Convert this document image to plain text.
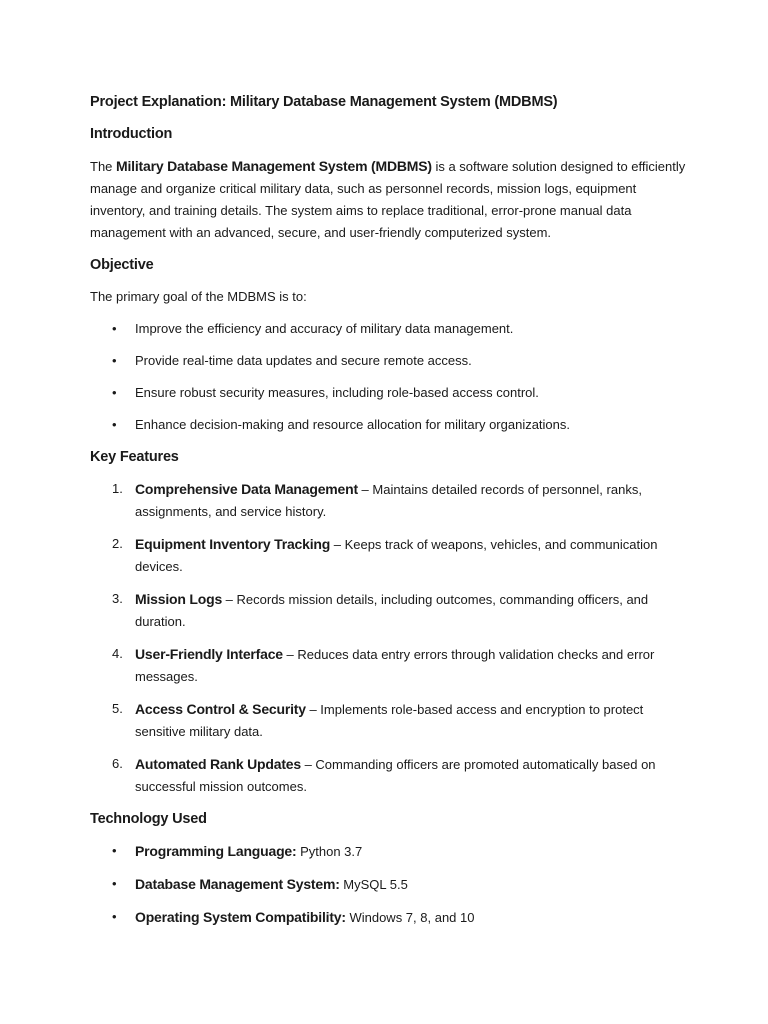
Project Explanation: Military Database Management System (MDBMS)

Introduction

The Military Database Management System (MDBMS) is a software solution designed to efficiently manage and organize critical military data, such as personnel records, mission logs, equipment inventory, and training details. The system aims to replace traditional, error-prone manual data management with an advanced, secure, and user-friendly computerized system.

Objective

The primary goal of the MDBMS is to:

• Improve the efficiency and accuracy of military data management.
• Provide real-time data updates and secure remote access.
• Ensure robust security measures, including role-based access control.
• Enhance decision-making and resource allocation for military organizations.

Key Features

1. Comprehensive Data Management – Maintains detailed records of personnel, ranks, assignments, and service history.
2. Equipment Inventory Tracking – Keeps track of weapons, vehicles, and communication devices.
3. Mission Logs – Records mission details, including outcomes, commanding officers, and duration.
4. User-Friendly Interface – Reduces data entry errors through validation checks and error messages.
5. Access Control & Security – Implements role-based access and encryption to protect sensitive military data.
6. Automated Rank Updates – Commanding officers are promoted automatically based on successful mission outcomes.

Technology Used

• Programming Language: Python 3.7
• Database Management System: MySQL 5.5
• Operating System Compatibility: Windows 7, 8, and 10
